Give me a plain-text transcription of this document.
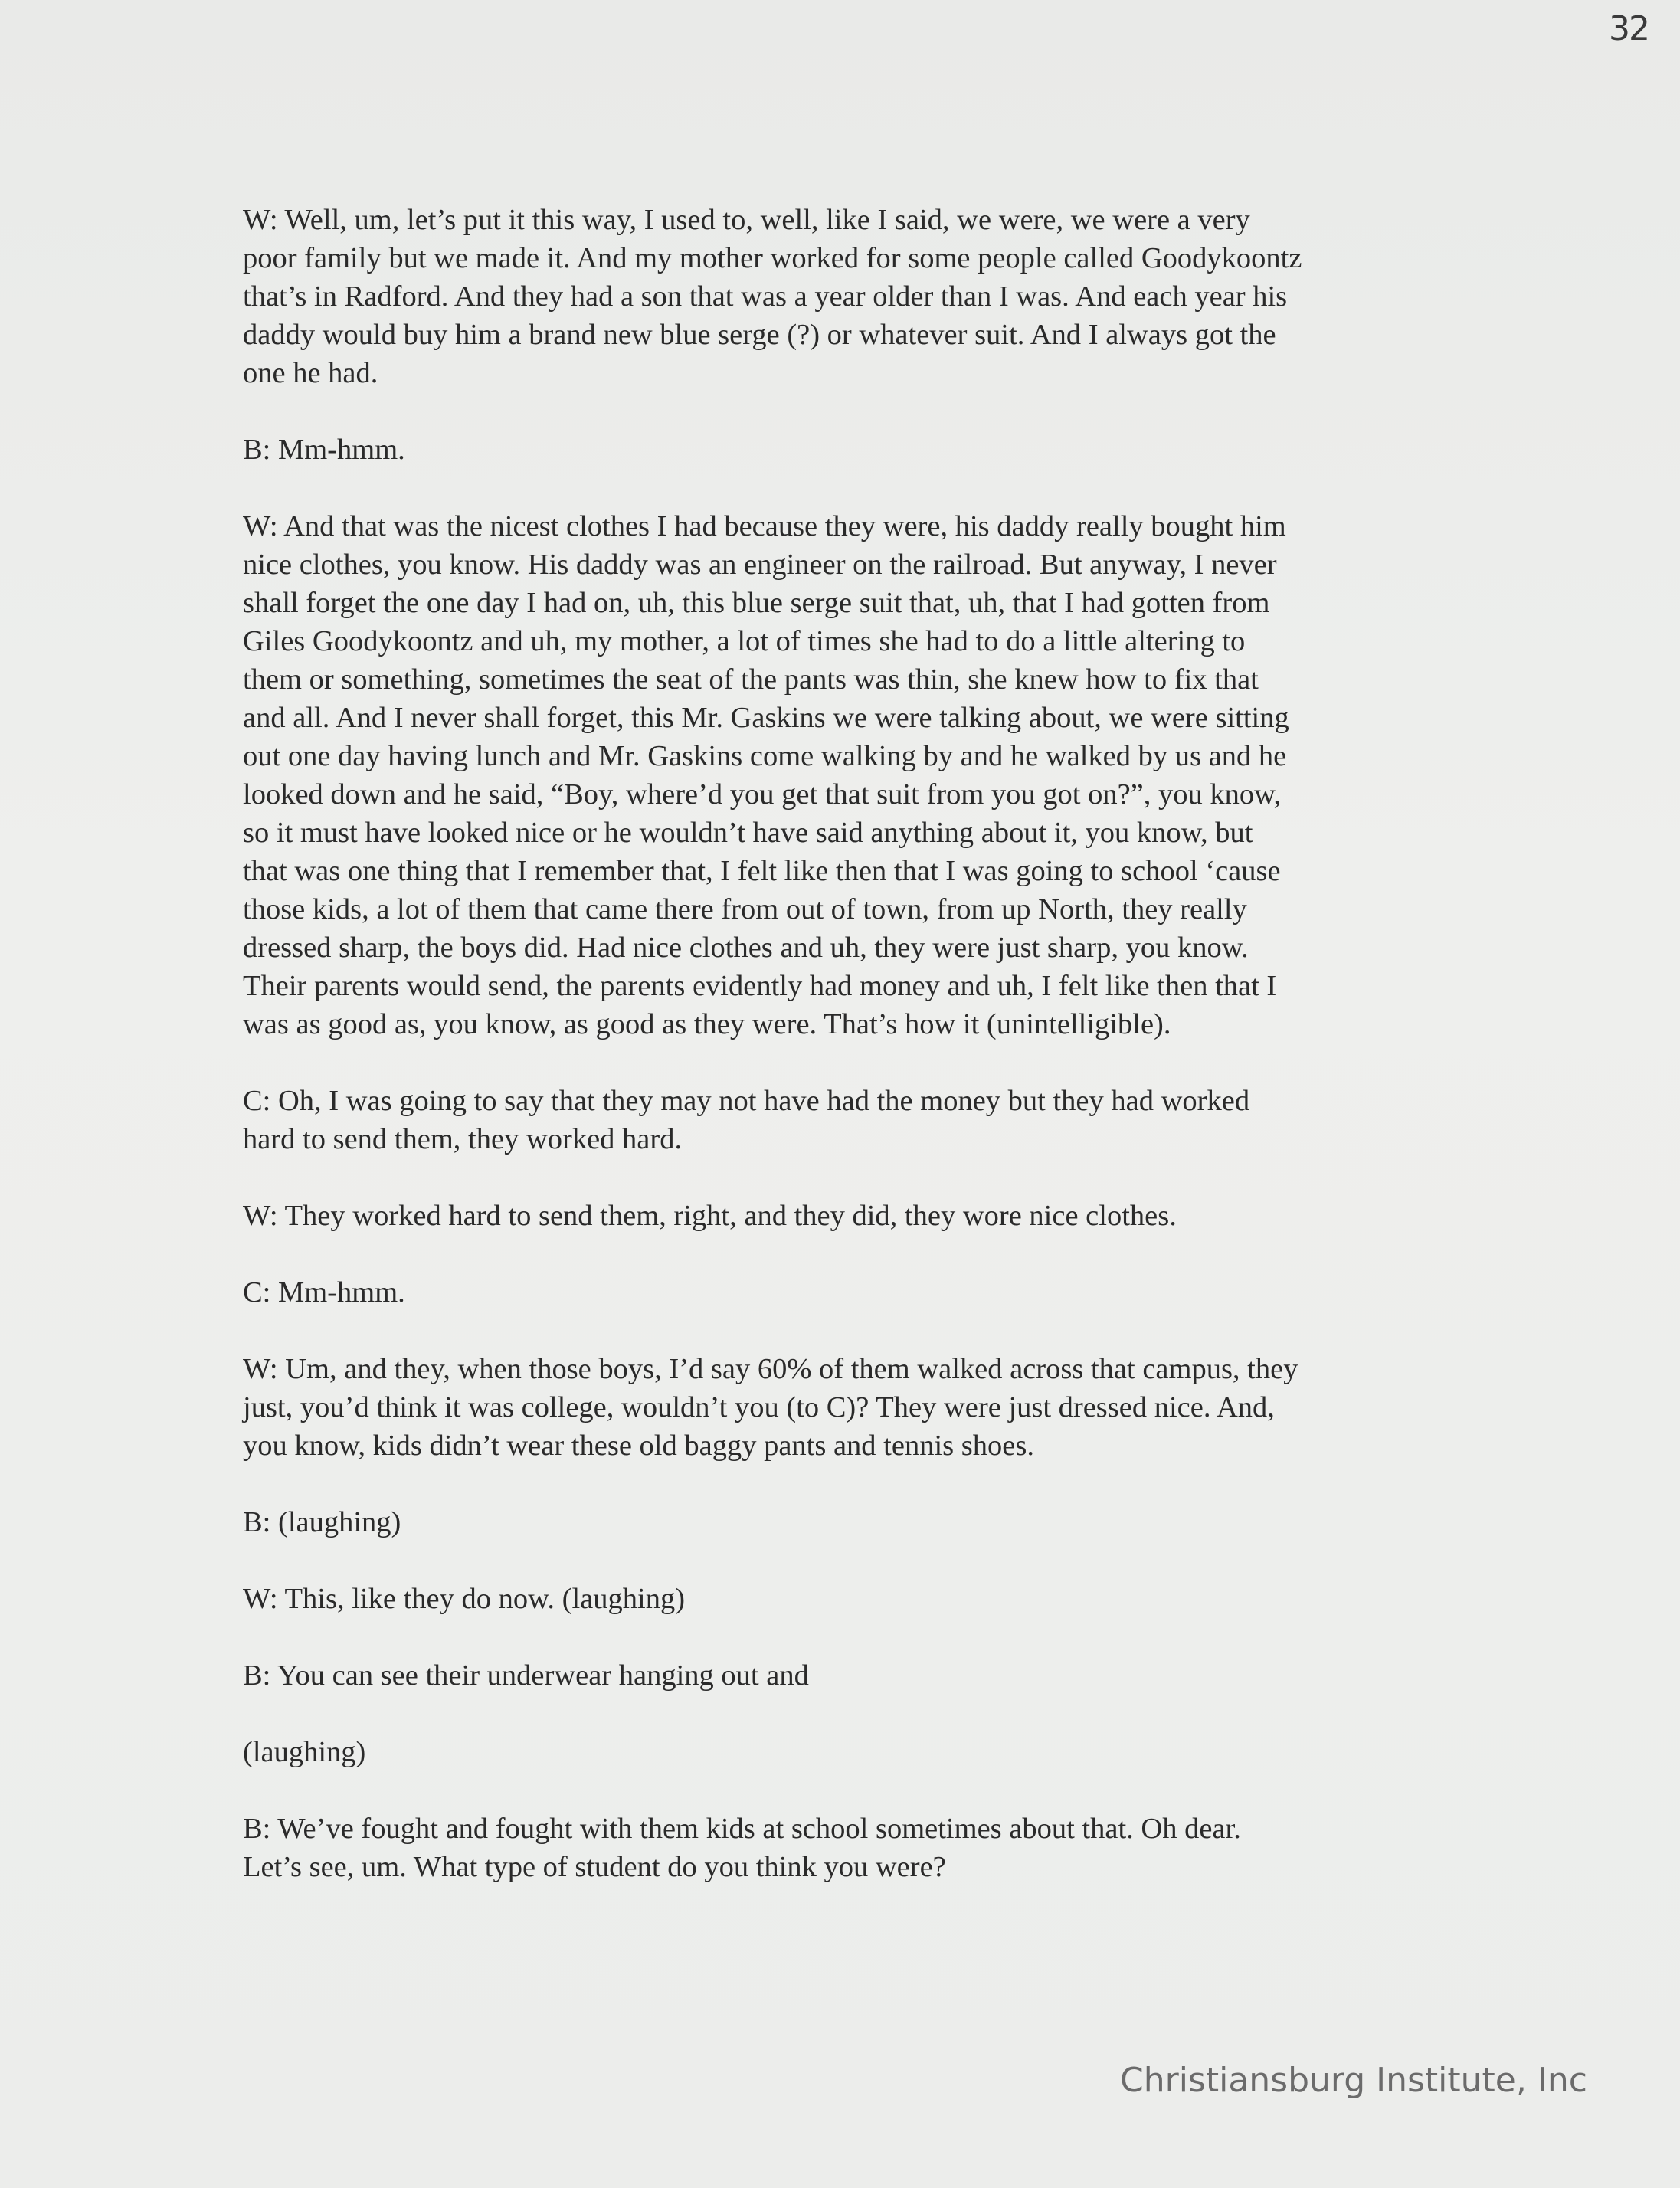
32

W: Well, um, let’s put it this way, I used to, well, like I said, we were, we were a very
poor family but we made it. And my mother worked for some people called Goodykoontz
that’s in Radford. And they had a son that was a year older than I was. And each year his
daddy would buy him a brand new blue serge (?) or whatever suit. And I always got the
one he had.

B: Mm-hmm.

W: And that was the nicest clothes I had because they were, his daddy really bought him
nice clothes, you know. His daddy was an engineer on the railroad. But anyway, I never
shall forget the one day I had on, uh, this blue serge suit that, uh, that I had gotten from
Giles Goodykoontz and uh, my mother, a lot of times she had to do a little altering to
them or something, sometimes the seat of the pants was thin, she knew how to fix that
and all. And I never shall forget, this Mr. Gaskins we were talking about, we were sitting
out one day having lunch and Mr. Gaskins come walking by and he walked by us and he
looked down and he said, “Boy, where’d you get that suit from you got on?”, you know,
so it must have looked nice or he wouldn’t have said anything about it, you know, but
that was one thing that I remember that, I felt like then that I was going to school ‘cause
those kids, a lot of them that came there from out of town, from up North, they really
dressed sharp, the boys did. Had nice clothes and uh, they were just sharp, you know.
Their parents would send, the parents evidently had money and uh, I felt like then that I
was as good as, you know, as good as they were. That’s how it (unintelligible).

C: Oh, I was going to say that they may not have had the money but they had worked
hard to send them, they worked hard.

W: They worked hard to send them, right, and they did, they wore nice clothes.

C: Mm-hmm.

W: Um, and they, when those boys, I’d say 60% of them walked across that campus, they
just, you’d think it was college, wouldn’t you (to C)? They were just dressed nice. And,
you know, kids didn’t wear these old baggy pants and tennis shoes.

B: (laughing)

W: This, like they do now. (laughing)

B: You can see their underwear hanging out and

(laughing)

B: We’ve fought and fought with them kids at school sometimes about that. Oh dear.
Let’s see, um. What type of student do you think you were?

Christiansburg Institute, Inc
